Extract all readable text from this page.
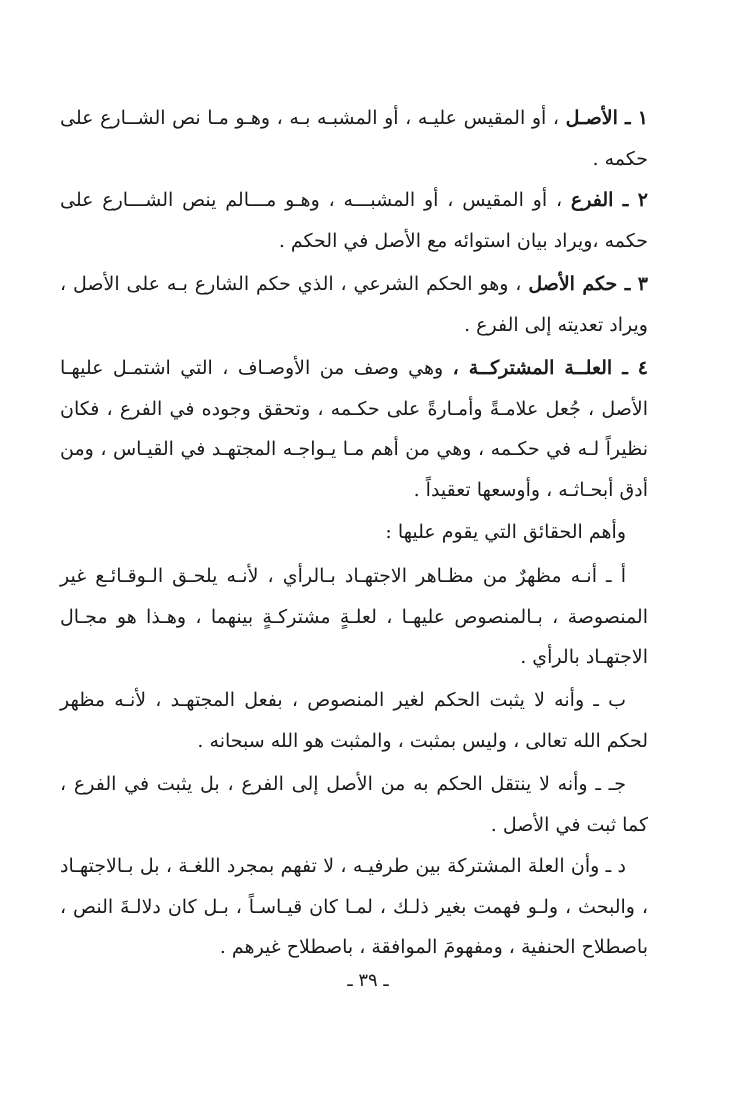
١ ـ الأصـل ، أو المقيس عليـه ، أو المشبـه بـه ، وهـو مـا نص الشــارع على حكمه .

٢ ـ الفرع ، أو المقيس ، أو المشبـــه ، وهـو مـــالم ينص الشـــارع على حكمه ،ويراد بيان استوائه مع الأصل في الحكم .

٣ ـ حكم الأصل ، وهو الحكم الشرعي ، الذي حكم الشارع بـه على الأصل ، ويراد تعديته إلى الفرع .

٤ ـ العلــة المشتركــة ، وهي وصف من الأوصـاف ، التي اشتمـل عليهـا الأصل ، جُعل علامـةً وأمـارةً على حكـمه ، وتحقق وجوده في الفرع ، فكان نظيراً لـه في حكـمه ، وهي من أهم مـا يـواجـه المجتهـد في القيـاس ، ومن أدق أبحـاثـه ، وأوسعها تعقيداً .

وأهم الحقائق التي يقوم عليها :

أ ـ أنـه مظهرٌ من مظـاهر الاجتهـاد بـالرأي ، لأنـه يلحـق الـوقـائـع غير المنصوصة ، بـالمنصوص عليهـا ، لعلـةٍ مشتركـةٍ بينهما ، وهـذا هو مجـال الاجتهـاد بالرأي .

ب ـ وأنه لا يثبت الحكم لغير المنصوص ، بفعل المجتهـد ، لأنـه مظهر لحكم الله تعالى ، وليس بمثبت ، والمثبت هو الله سبحانه .

جـ ـ وأنه لا ينتقل الحكم به من الأصل إلى الفرع ، بل يثبت في الفرع ، كما ثبت في الأصل .

د ـ وأن العلة المشتركة بين طرفيـه ، لا تفهم بمجرد اللغـة ، بل بـالاجتهـاد ، والبحث ، ولـو فهمت بغير ذلـك ، لمـا كان قيـاسـاً ، بـل كان دلالـةَ النص ، باصطلاح الحنفية ، ومفهومَ الموافقة ، باصطلاح غيرهم .

ـ ٣٩ ـ
